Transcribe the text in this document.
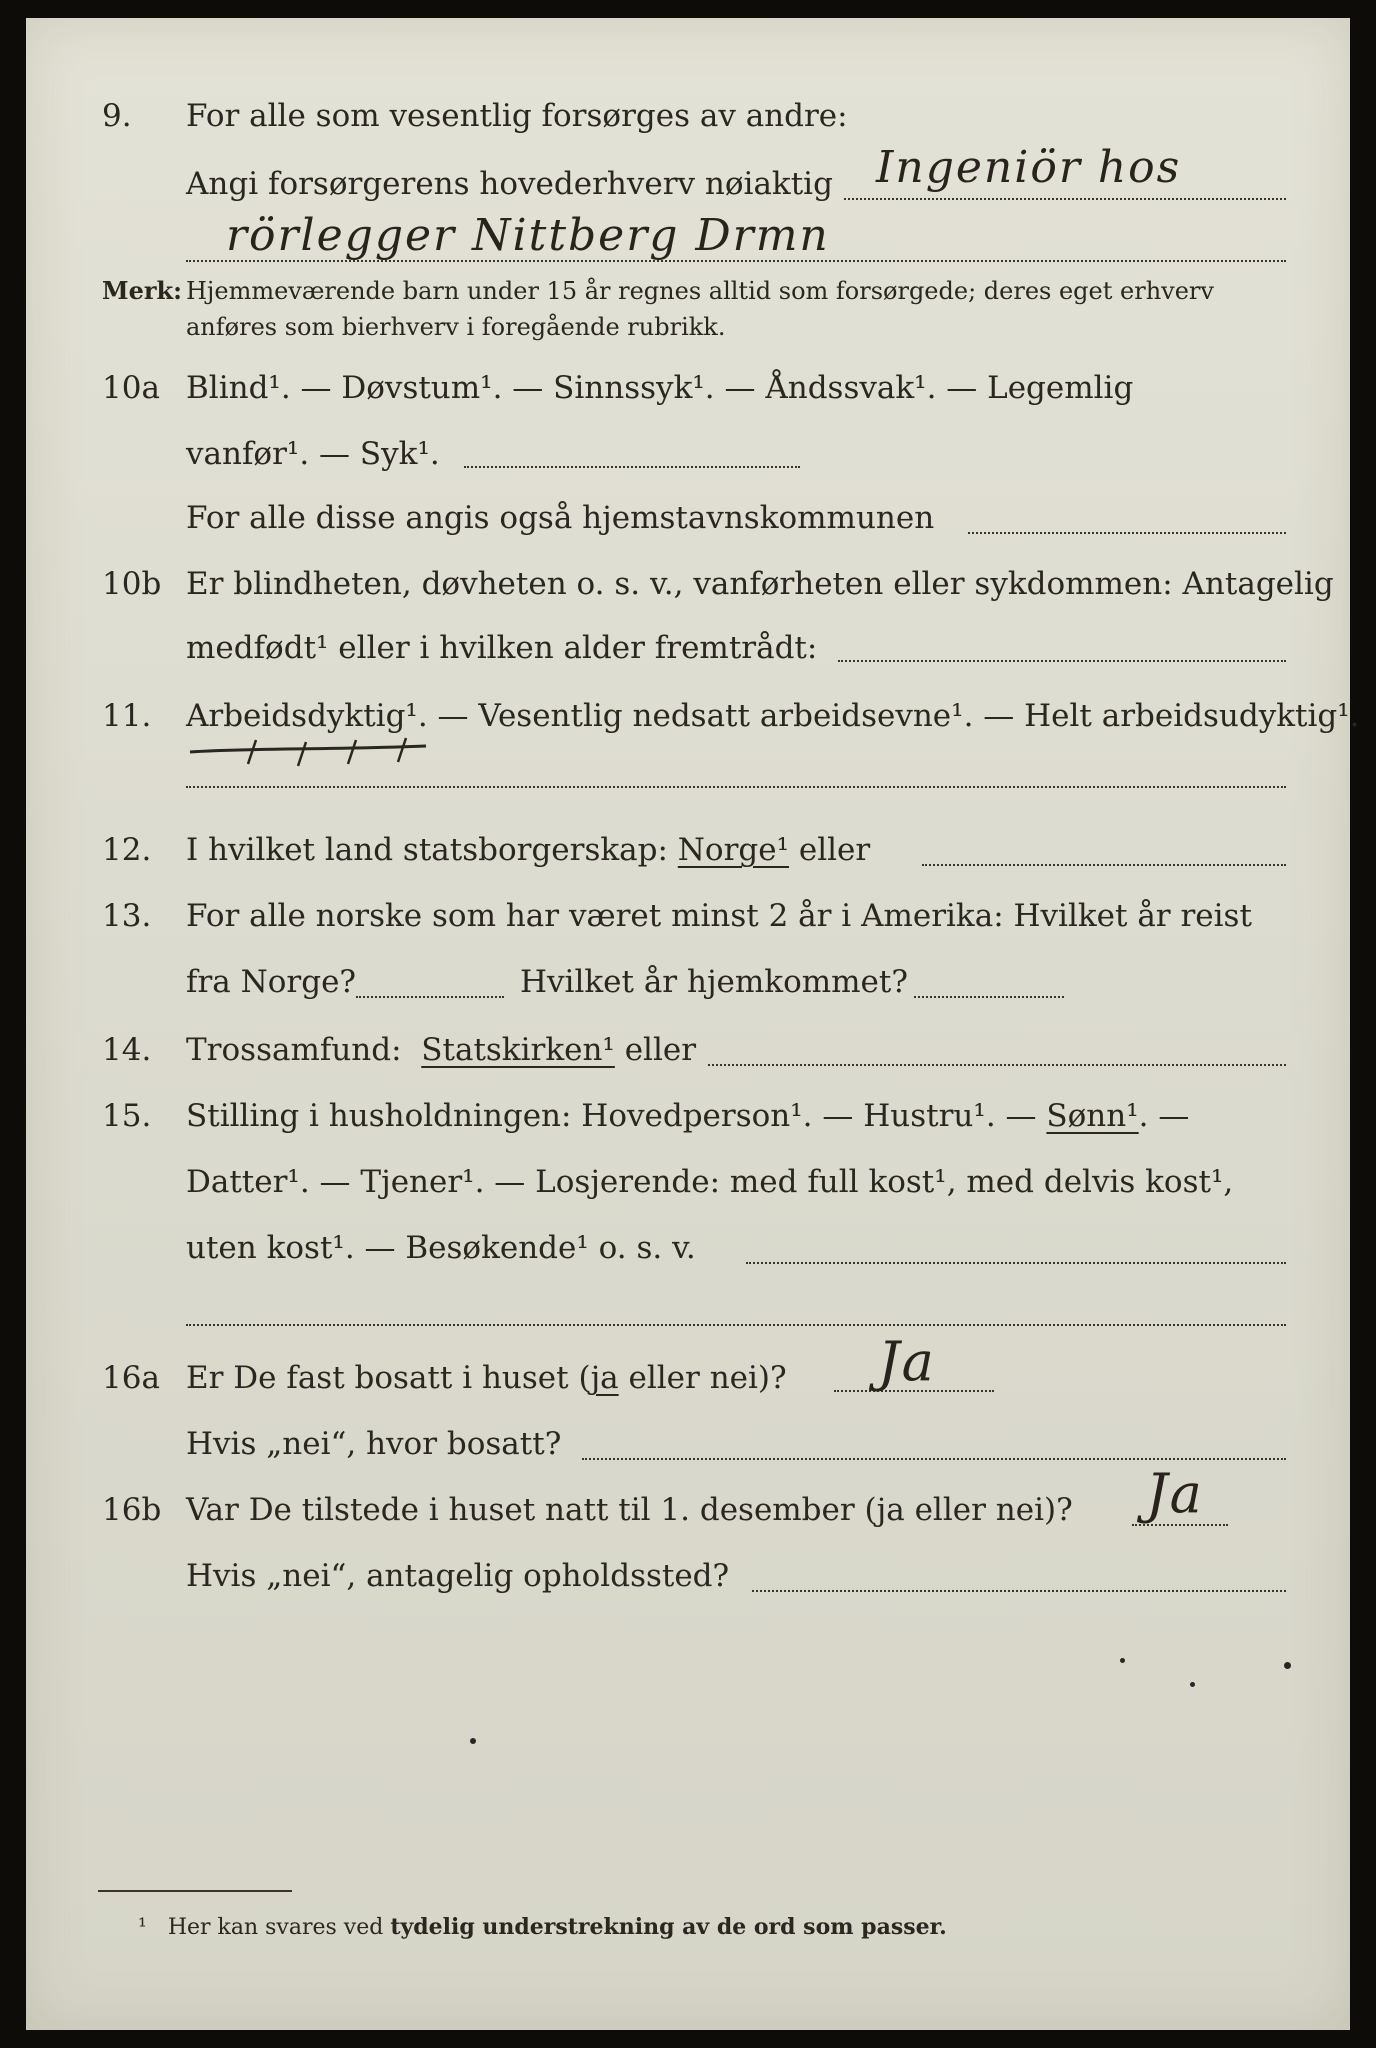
9. For alle som vesentlig forsørges av andre:
Angi forsørgerens hovederhverv nøiaktig Ingeniör hos
rörlegger Nittberg Drmn
Merk: Hjemmeværende barn under 15 år regnes alltid som forsørgede; deres eget erhverv
anføres som bierhverv i foregående rubrikk.
10a Blind¹. — Døvstum¹. — Sinnssyk¹. — Åndssvak¹. — Legemlig
vanfør¹. — Syk¹.
For alle disse angis også hjemstavnskommunen
10b Er blindheten, døvheten o. s. v., vanførheten eller sykdommen: Antagelig
medfødt¹ eller i hvilken alder fremtrådt:
11. Arbeidsdyktig¹. — Vesentlig nedsatt arbeidsevne¹. — Helt arbeidsudyktig¹.
12. I hvilket land statsborgerskap: Norge¹ eller
13. For alle norske som har været minst 2 år i Amerika: Hvilket år reist
fra Norge?	Hvilket år hjemkommet?
14. Trossamfund: Statskirken¹ eller
15. Stilling i husholdningen: Hovedperson¹. — Hustru¹. — Sønn¹. —
Datter¹. — Tjener¹. — Losjerende: med full kost¹, med delvis kost¹,
uten kost¹. — Besøkende¹ o. s. v.
16a Er De fast bosatt i huset (ja eller nei)? Ja
Hvis „nei“, hvor bosatt?
16b Var De tilstede i huset natt til 1. desember (ja eller nei)? Ja
Hvis „nei“, antagelig opholdssted?
¹ Her kan svares ved tydelig understrekning av de ord som passer.
